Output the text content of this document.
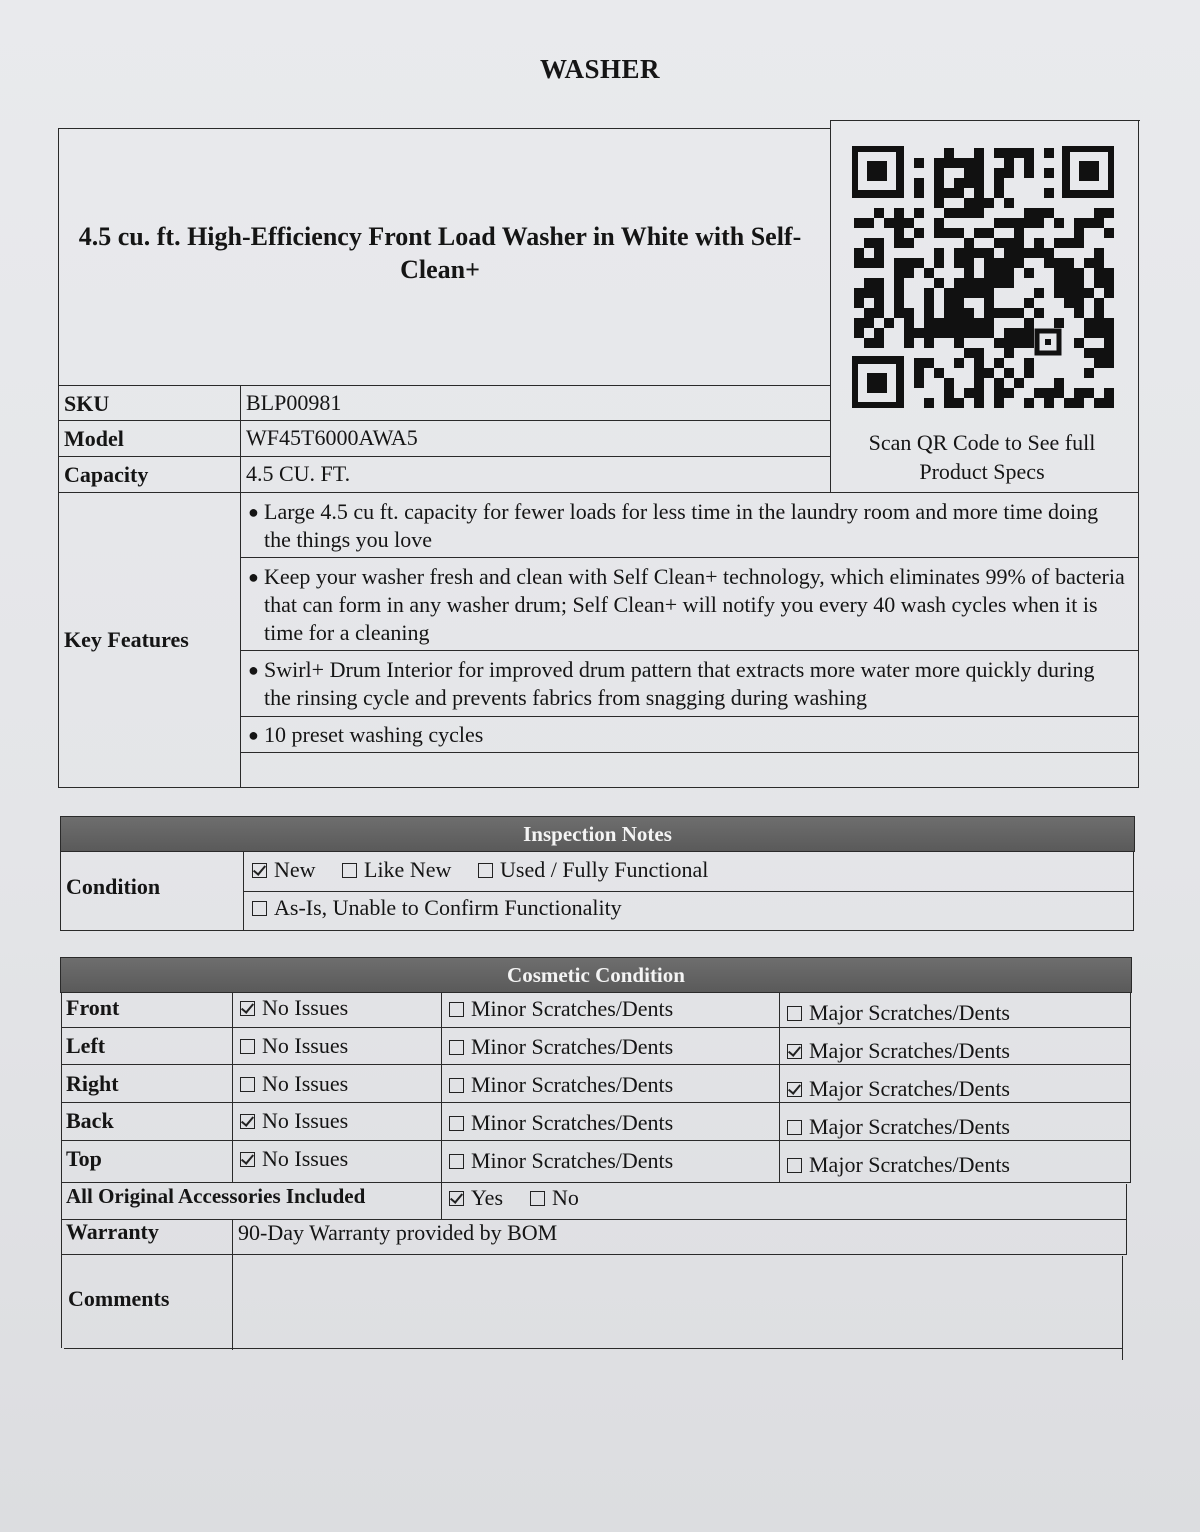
WASHER
4.5 cu. ft. High-Efficiency Front Load Washer in White with Self-Clean+
Scan QR Code to See full Product Specs
SKU	BLP00981
Model	WF45T6000AWA5
Capacity	4.5 CU. FT.
Key Features
● Large 4.5 cu ft. capacity for fewer loads for less time in the laundry room and more time doing the things you love
● Keep your washer fresh and clean with Self Clean+ technology, which eliminates 99% of bacteria that can form in any washer drum; Self Clean+ will notify you every 40 wash cycles when it is time for a cleaning
● Swirl+ Drum Interior for improved drum pattern that extracts more water more quickly during the rinsing cycle and prevents fabrics from snagging during washing
● 10 preset washing cycles
Inspection Notes
Condition
New	Like New	Used / Fully Functional
As-Is, Unable to Confirm Functionality
Cosmetic Condition
Front	No Issues	Minor Scratches/Dents	Major Scratches/Dents
Left	No Issues	Minor Scratches/Dents	Major Scratches/Dents
Right	No Issues	Minor Scratches/Dents	Major Scratches/Dents
Back	No Issues	Minor Scratches/Dents	Major Scratches/Dents
Top	No Issues	Minor Scratches/Dents	Major Scratches/Dents
All Original Accessories Included	Yes	No
Warranty	90-Day Warranty provided by BOM
Comments
